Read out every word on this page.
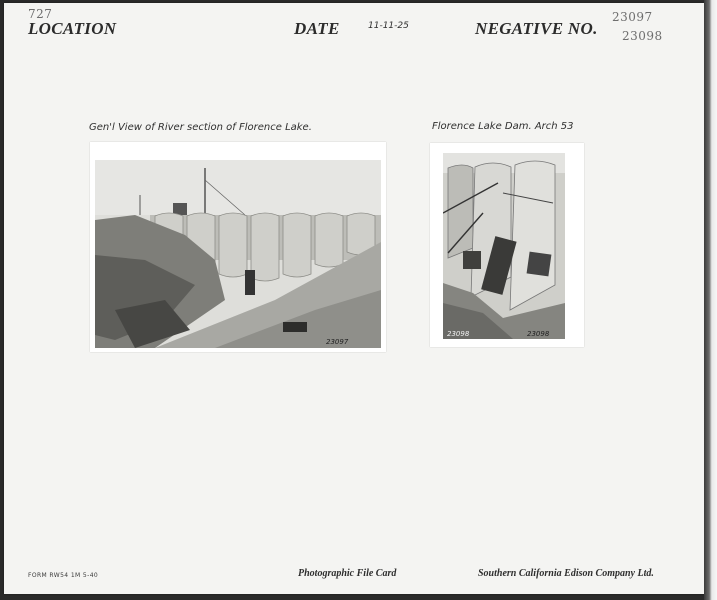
727
LOCATION	DATE	11-11-25	NEGATIVE NO.
23097
23098
Gen'l View of River section of Florence Lake.
23097
Florence Lake Dam. Arch 53
23098	23098
FORM RW54 1M 5-40	Photographic File Card	Southern California Edison Company Ltd.
